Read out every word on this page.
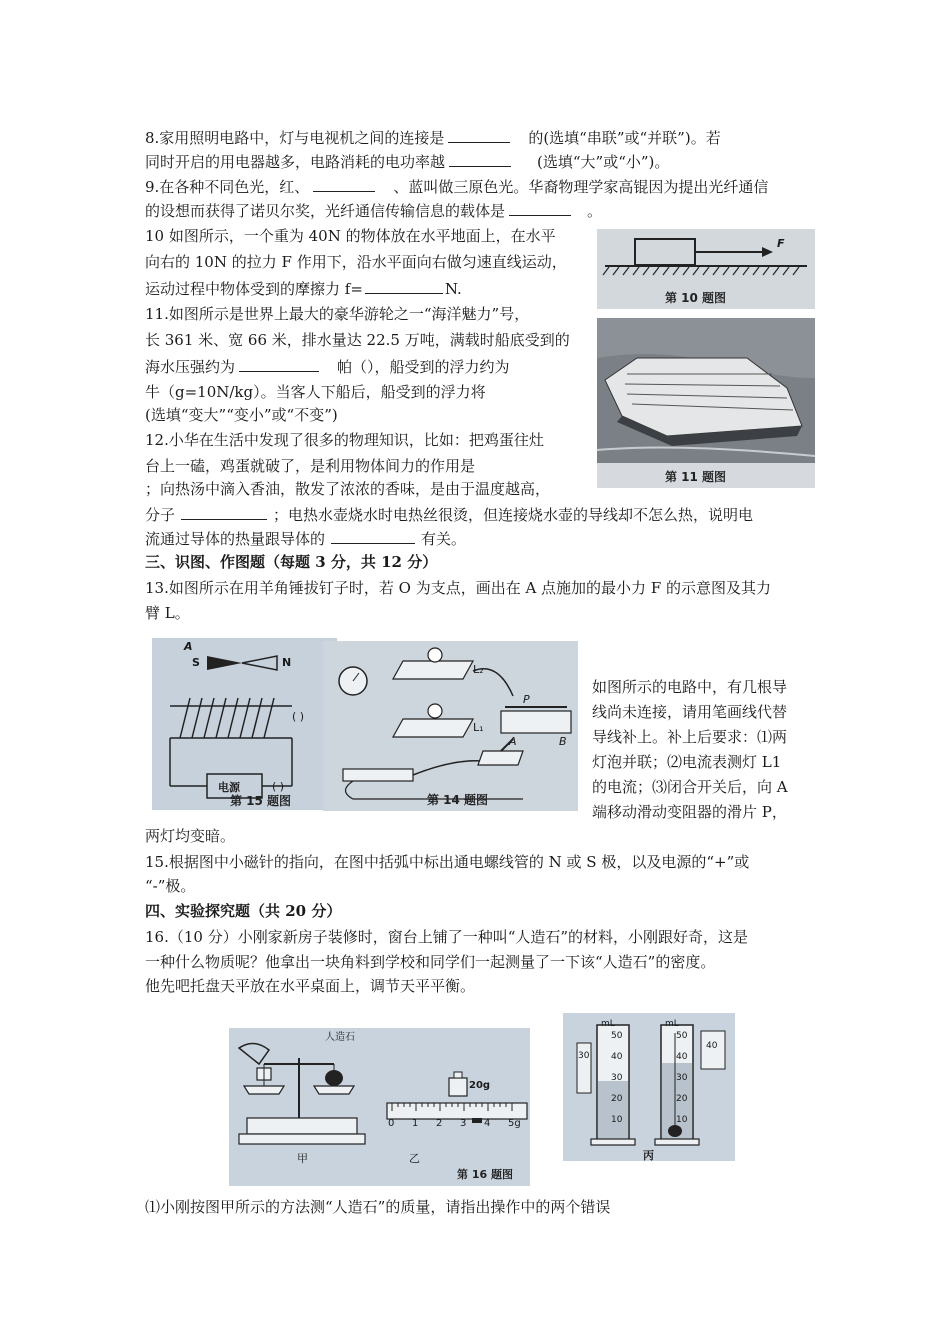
8.家用照明电路中，灯与电视机之间的连接是	的(选填“串联”或“并联”)。若
同时开启的用电器越多，电路消耗的电功率越	(选填“大”或“小”)。
9.在各种不同色光，红、	、蓝叫做三原色光。华裔物理学家高锟因为提出光纤通信
的设想而获得了诺贝尔奖，光纤通信传输信息的载体是	。
10 如图所示，一个重为 40N 的物体放在水平地面上，在水平
向右的 10N 的拉力 F 作用下，沿水平面向右做匀速直线运动，
运动过程中物体受到的摩擦力 f=	N.
F
第 10 题图
11.如图所示是世界上最大的豪华游轮之一“海洋魅力”号，
长 361 米、宽 66 米，排水量达 22.5 万吨，满载时船底受到的
海水压强约为	帕（），船受到的浮力约为
牛（g=10N/kg）。当客人下船后，船受到的浮力将
(选填“变大”“变小”或“不变”)
第 11 题图
12.小华在生活中发现了很多的物理知识，比如：把鸡蛋往灶
台上一磕，鸡蛋就破了，是利用物体间力的作用是
；向热汤中滴入香油，散发了浓浓的香味，是由于温度越高，
分子	；电热水壶烧水时电热丝很烫，但连接烧水壶的导线却不怎么热，说明电
流通过导体的热量跟导体的	有关。
三、识图、作图题（每题 3 分，共 12 分）
13.如图所示在用羊角锤拔钉子时，若 O 为支点，画出在 A 点施加的最小力 F 的示意图及其力
臂 L。
A
S	N
( )
( )
电源
第 15 题图
L₂
L₁
P
A	B
第 14 题图
如图所示的电路中，有几根导
线尚未连接，请用笔画线代替
导线补上。补上后要求：⑴两
灯泡并联；⑵电流表测灯 L1
的电流；⑶闭合开关后，向 A
端移动滑动变阻器的滑片 P，
两灯均变暗。
15.根据图中小磁针的指向，在图中括弧中标出通电螺线管的 N 或 S 极，以及电源的“+”或
“-”极。
四、实验探究题（共 20 分）
16.（10 分）小刚家新房子装修时，窗台上铺了一种叫“人造石”的材料，小刚跟好奇，这是
一种什么物质呢？他拿出一块角料到学校和同学们一起测量了一下该“人造石”的密度。
他先吧托盘天平放在水平桌面上，调节天平平衡。
人造石
20g
0 1 2 3 4 5g
甲	乙
第 16 题图
mL	mL
50
40
30
20
10
50
40
30
20
10
30
40
丙
⑴小刚按图甲所示的方法测“人造石”的质量，请指出操作中的两个错误
